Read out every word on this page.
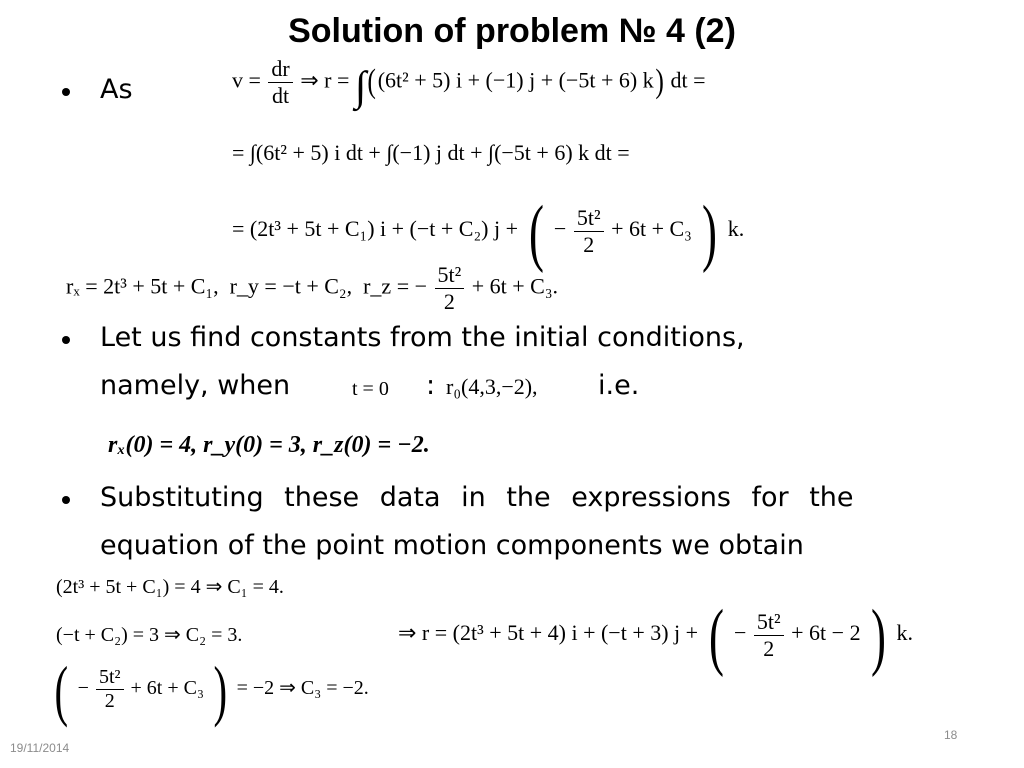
Solution of problem № 4 (2)
As	$v = \frac{dr}{dt}$ ⇒ r = ∫((6t² + 5) i + (−1) j + (−5t + 6) k) dt =
= ∫(6t² + 5) i dt + ∫(−1) j dt + ∫(−5t + 6) k dt =
= (2t³ + 5t + C₁) i + (−t + C₂) j + ( − $\frac{\text{5t²}}{2} + 6t + C_3$ ) k.
rₓ = 2t³ + 5t + C₁, r_y = −t + C₂, r_z = − $\frac{\text{5t²}}{2} + 6t + C_3$.
Let us find constants from the initial conditions,
namely, when	t = 0 : r₀(4,3,−2), i.e.
rₓ(0) = 4, r_y(0) = 3, r_z(0) = −2.
Substituting these data in the expressions for the
equation of the point motion components we obtain
(2t³ + 5t + C₁) = 4 ⇒ C₁ = 4.
(−t + C₂) = 3 ⇒ C₂ = 3.
( − $\frac{\text{5t²}}{2} + 6t + C_3$ ) = −2 ⇒ C₃ = −2.
⇒ r = (2t³ + 5t + 4) i + (−t + 3) j + ( − $\frac{\text{5t²}}{2} + 6t - 2$ ) k.
19/11/2014
18
